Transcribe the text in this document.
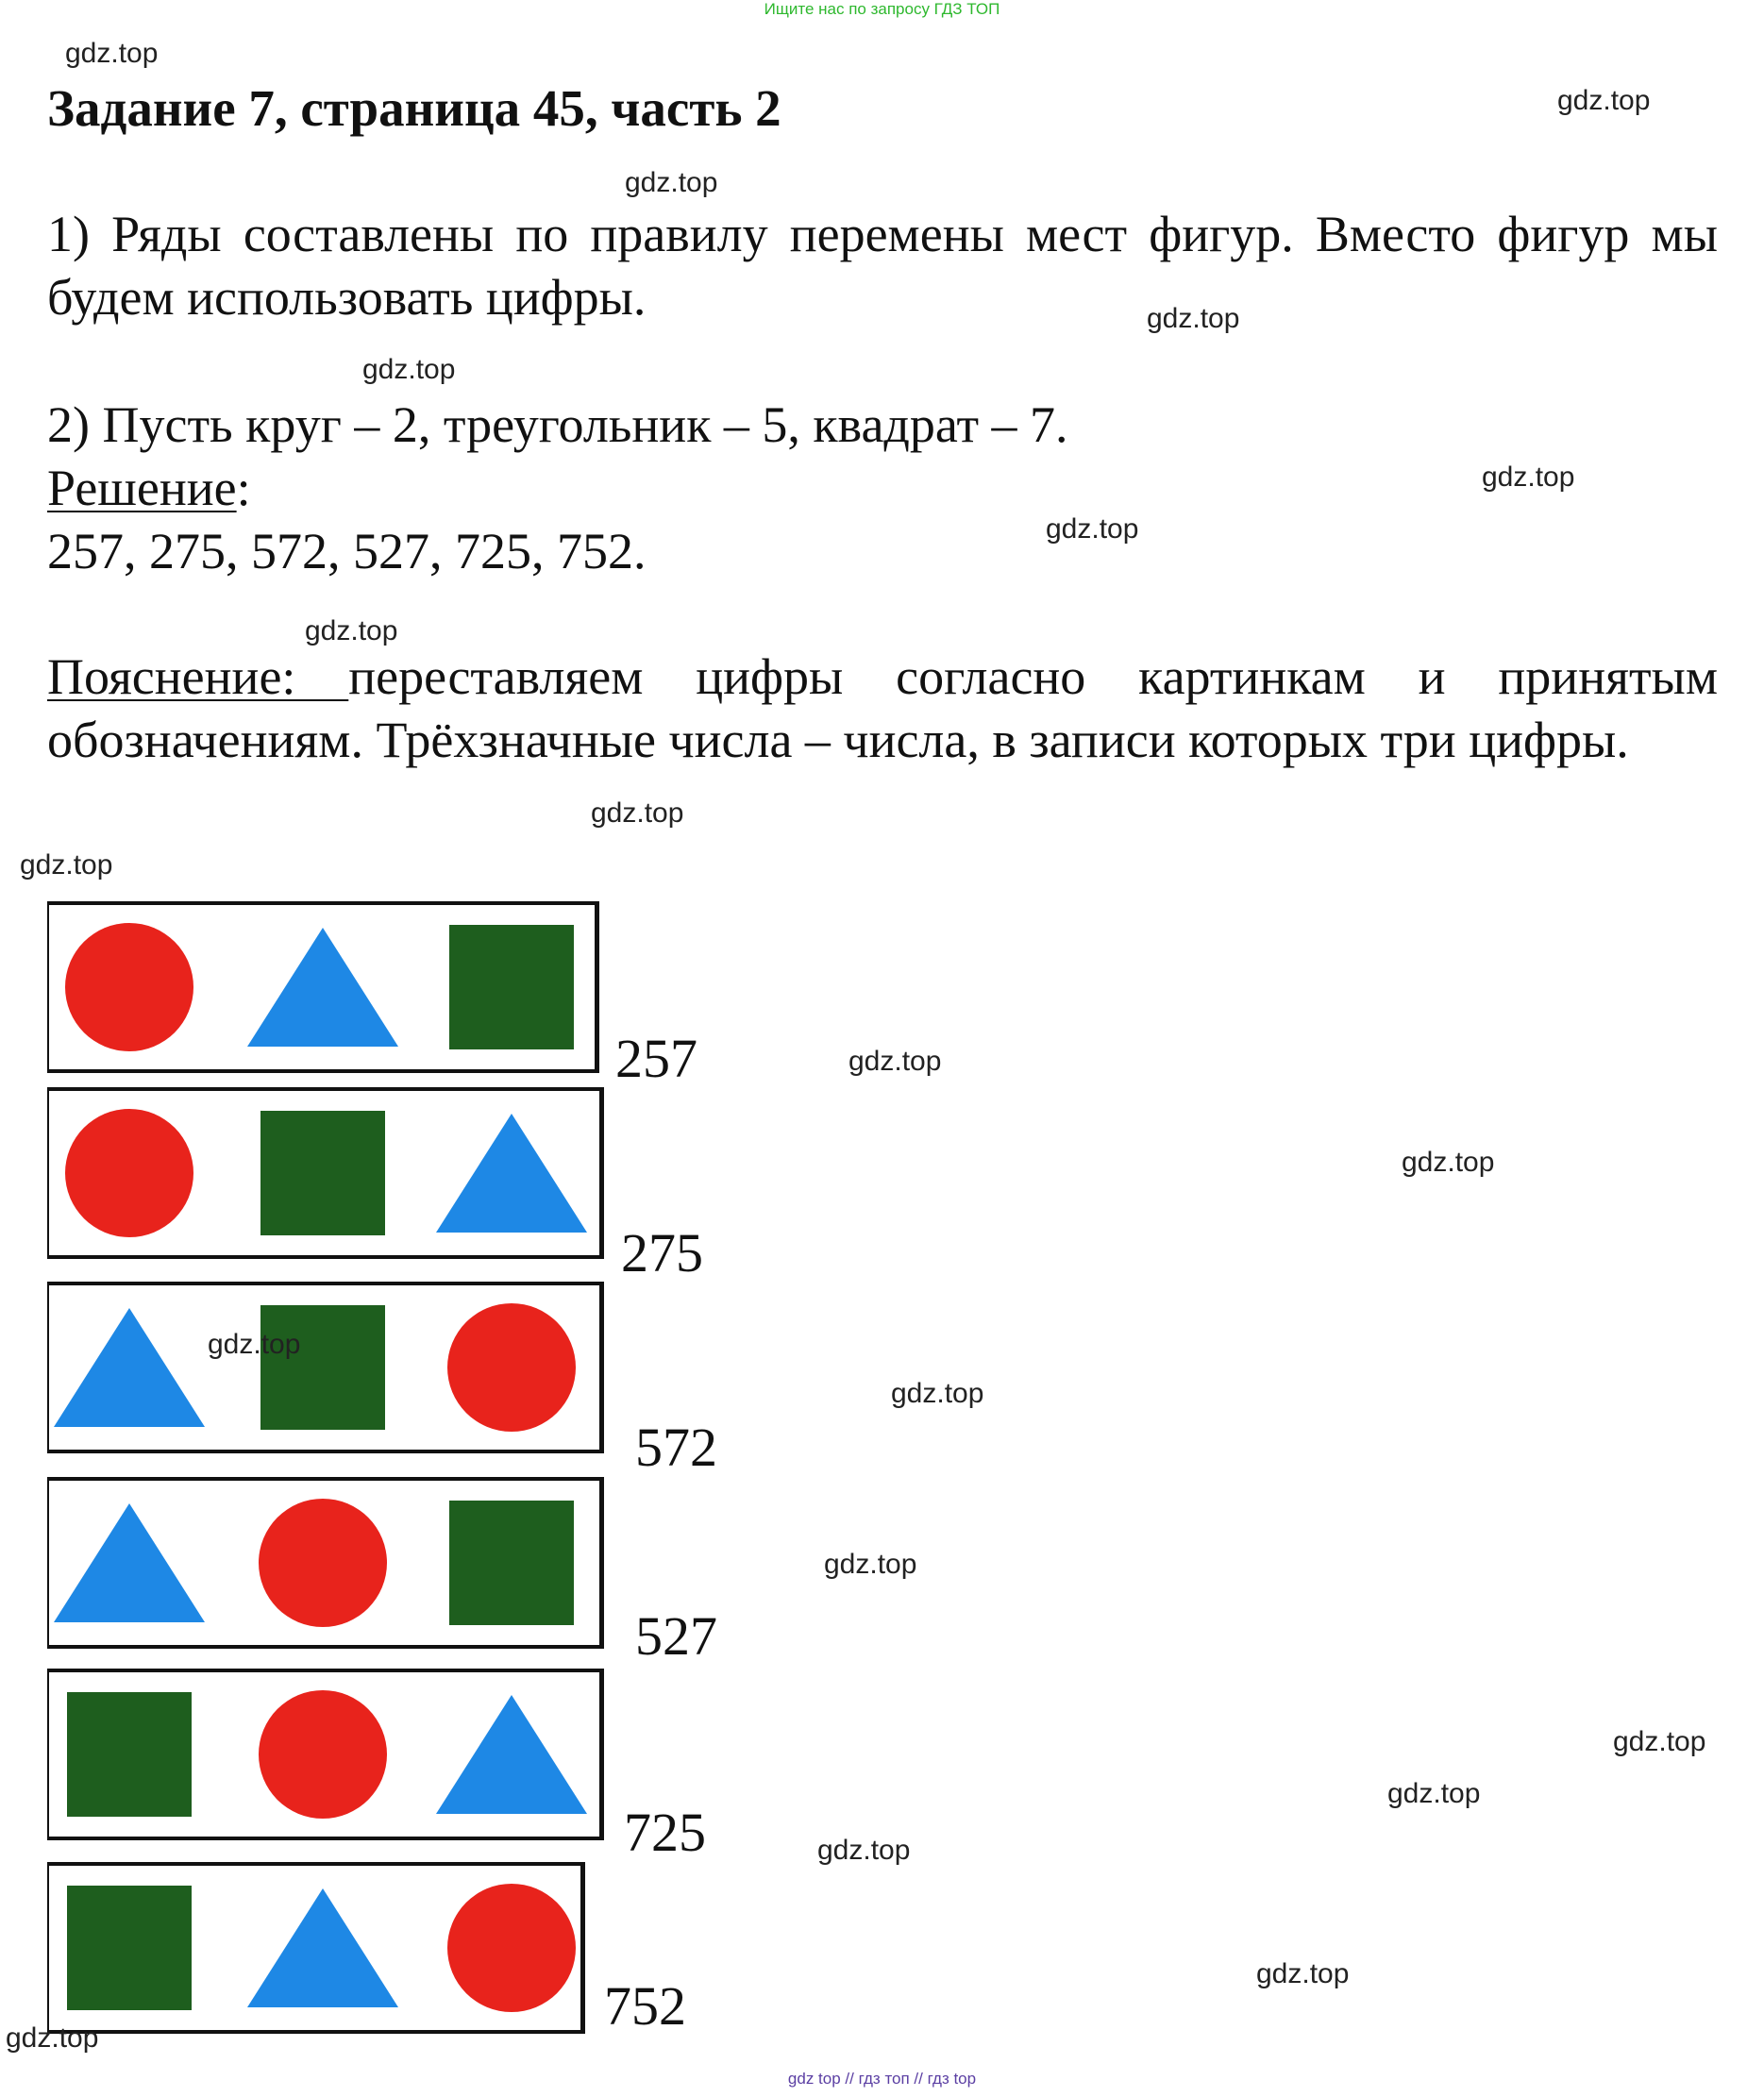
Ищите нас по запросу ГДЗ ТОП
Задание 7, страница 45, часть 2

1) Ряды составлены по правилу перемены мест фигур. Вместо фигур мы будем использовать цифры.

2) Пусть круг – 2, треугольник – 5, квадрат – 7.

Решение:

257, 275, 572, 527, 725, 752.

Пояснение: переставляем цифры согласно картинкам и принятым обозначениям. Трёхзначные числа – числа, в записи которых три цифры.

gdz.top
gdz.top
gdz.top
gdz.top
gdz.top
gdz.top
gdz.top
gdz.top
gdz.top
gdz.top
gdz.top
gdz.top
gdz.top
gdz.top
gdz.top
gdz.top
gdz.top
gdz.top
gdz.top
gdz.top
gdz top // гдз топ // гдз top
257
275
572
527
725
752
